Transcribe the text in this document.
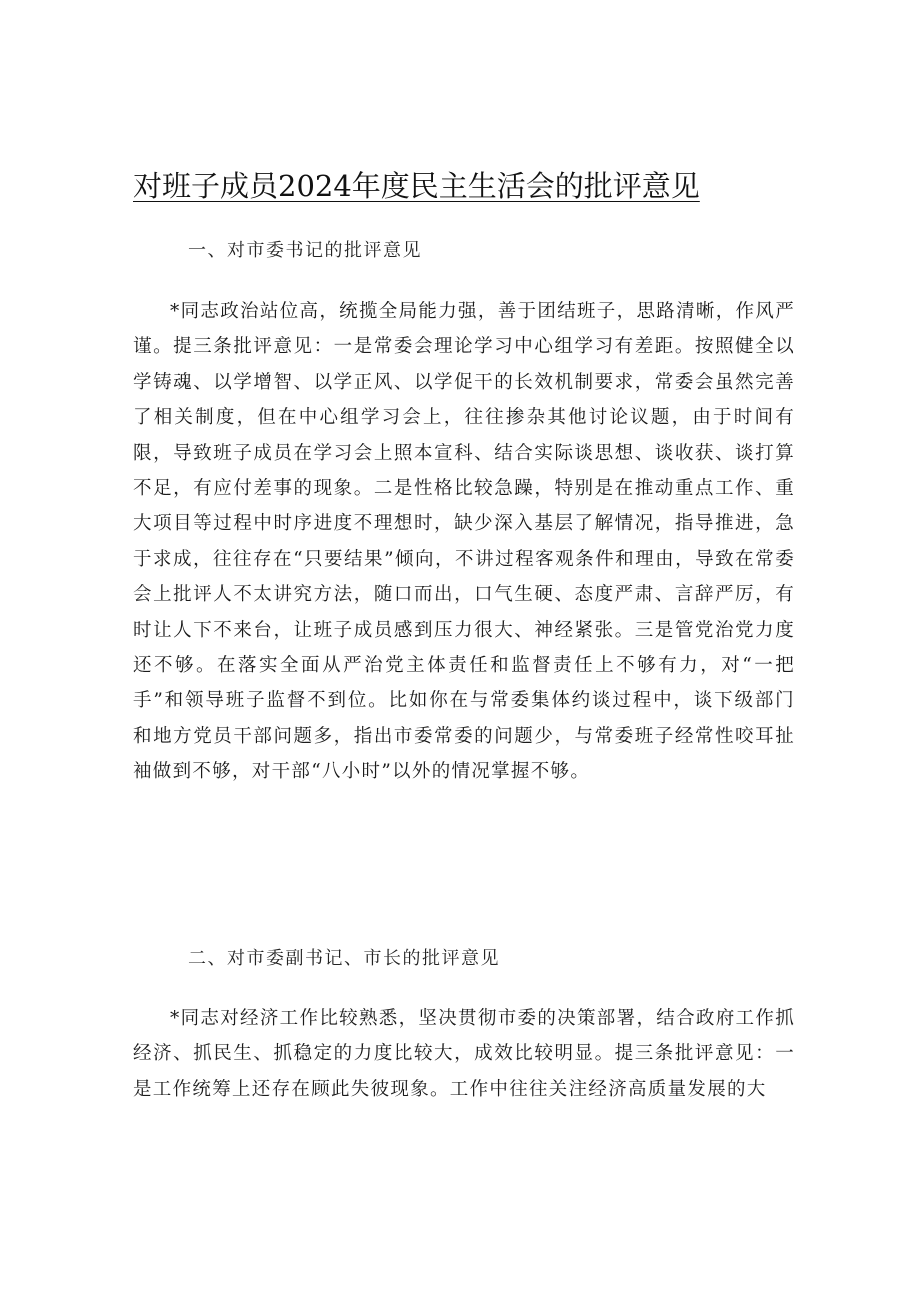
对班子成员2024年度民主生活会的批评意见
一、对市委书记的批评意见

*同志政治站位高，统揽全局能力强，善于团结班子，思路清晰，作风严谨。提三条批评意见：一是常委会理论学习中心组学习有差距。按照健全以学铸魂、以学增智、以学正风、以学促干的长效机制要求，常委会虽然完善了相关制度，但在中心组学习会上，往往掺杂其他讨论议题，由于时间有限，导致班子成员在学习会上照本宣科、结合实际谈思想、谈收获、谈打算不足，有应付差事的现象。二是性格比较急躁，特别是在推动重点工作、重大项目等过程中时序进度不理想时，缺少深入基层了解情况，指导推进，急于求成，往往存在“只要结果”倾向，不讲过程客观条件和理由，导致在常委会上批评人不太讲究方法，随口而出，口气生硬、态度严肃、言辞严厉，有时让人下不来台，让班子成员感到压力很大、神经紧张。三是管党治党力度还不够。在落实全面从严治党主体责任和监督责任上不够有力，对“一把手”和领导班子监督不到位。比如你在与常委集体约谈过程中，谈下级部门和地方党员干部问题多，指出市委常委的问题少，与常委班子经常性咬耳扯袖做到不够，对干部“八小时”以外的情况掌握不够。

二、对市委副书记、市长的批评意见

*同志对经济工作比较熟悉，坚决贯彻市委的决策部署，结合政府工作抓经济、抓民生、抓稳定的力度比较大，成效比较明显。提三条批评意见：一是工作统筹上还存在顾此失彼现象。工作中往往关注经济高质量发展的大
